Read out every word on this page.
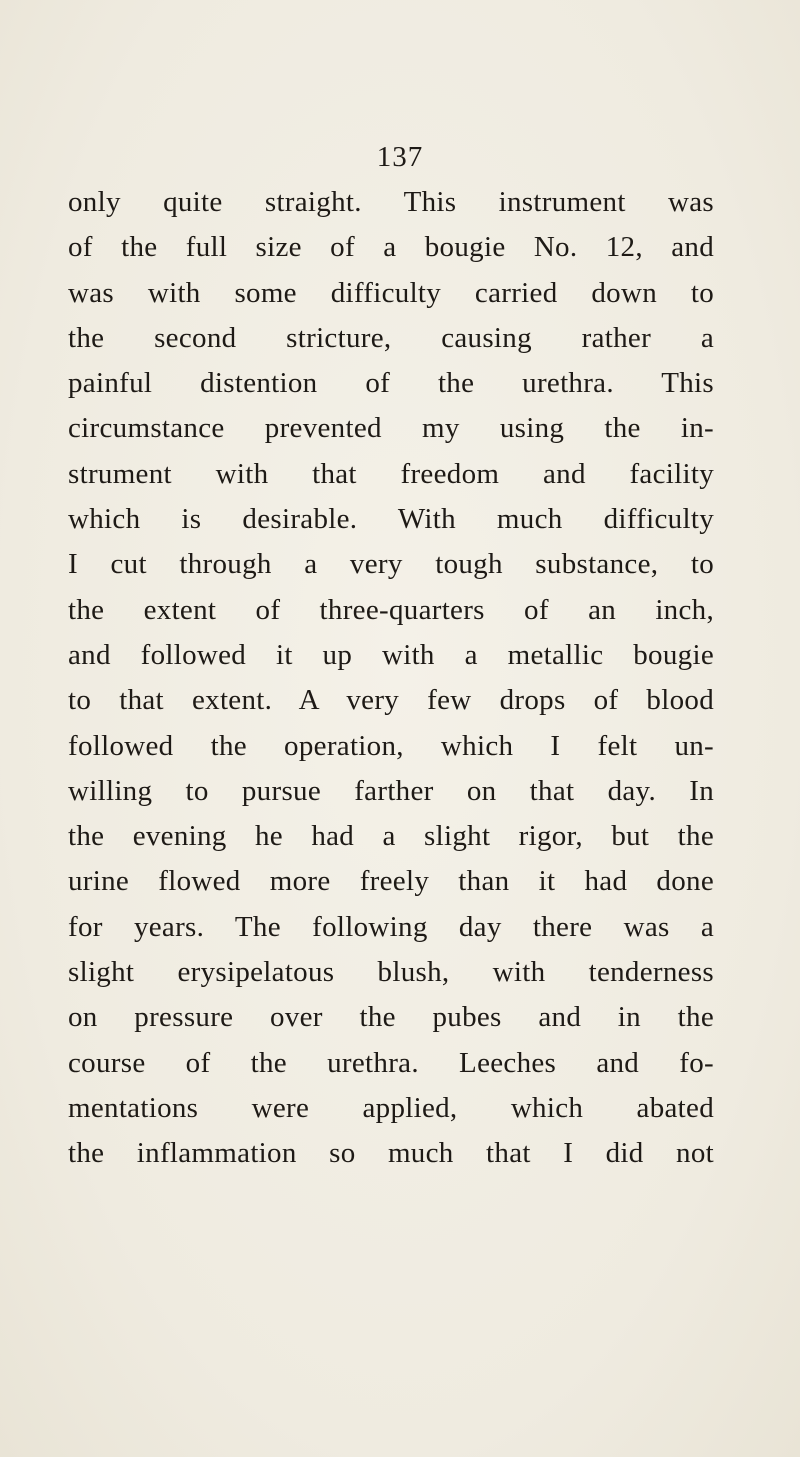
137
only quite straight. This instrument was
of the full size of a bougie No. 12, and
was with some difficulty carried down to
the second stricture, causing rather a
painful distention of the urethra. This
circumstance prevented my using the in-
strument with that freedom and facility
which is desirable. With much difficulty
I cut through a very tough substance, to
the extent of three-quarters of an inch,
and followed it up with a metallic bougie
to that extent. A very few drops of blood
followed the operation, which I felt un-
willing to pursue farther on that day. In
the evening he had a slight rigor, but the
urine flowed more freely than it had done
for years. The following day there was a
slight erysipelatous blush, with tenderness
on pressure over the pubes and in the
course of the urethra. Leeches and fo-
mentations were applied, which abated
the inflammation so much that I did not
